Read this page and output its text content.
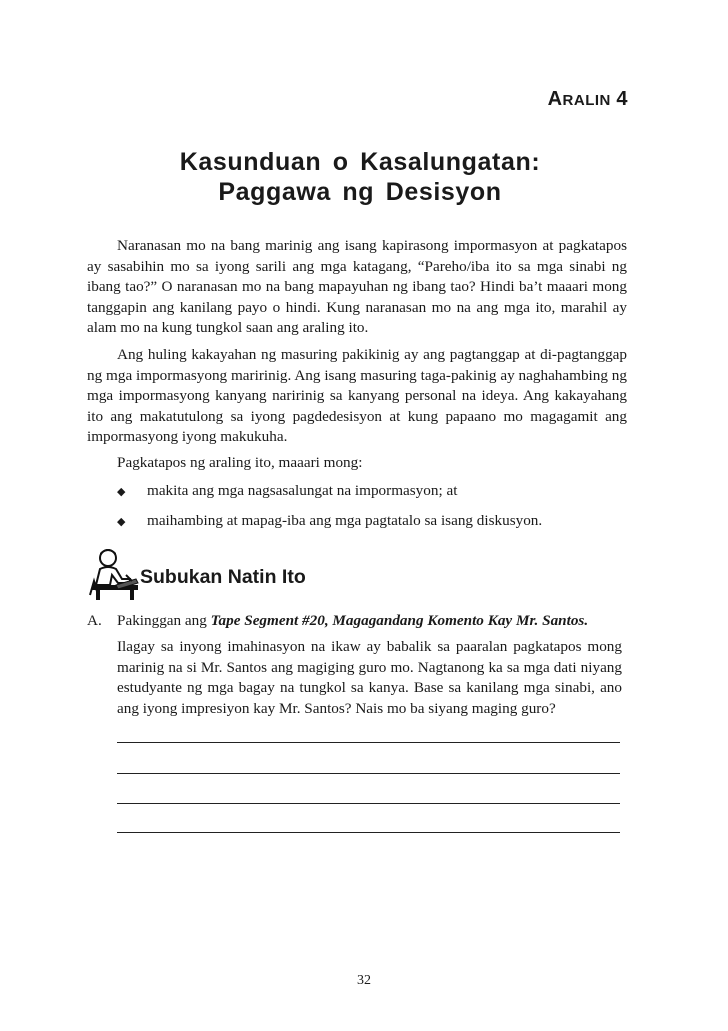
ARALIN 4
Kasunduan o Kasalungatan:
Paggawa ng Desisyon

Naranasan mo na bang marinig ang isang kapirasong impormasyon at pagkatapos ay sasabihin mo sa iyong sarili ang mga katagang, “Pareho/iba ito sa mga sinabi ng ibang tao?” O naranasan mo na bang mapayuhan ng ibang tao? Hindi ba’t maaari mong tanggapin ang kanilang payo o hindi. Kung naranasan mo na ang mga ito, marahil ay alam mo na kung tungkol saan ang araling ito.

Ang huling kakayahan ng masuring pakikinig ay ang pagtanggap at di-pagtanggap ng mga impormasyong maririnig. Ang isang masuring taga-pakinig ay naghahambing ng mga impormasyong kanyang naririnig sa kanyang personal na ideya. Ang kakayahang ito ang makatutulong sa iyong pagdedesisyon at kung papaano mo magagamit ang impormasyong iyong makukuha.

Pagkatapos ng araling ito, maaari mong:

◆	makita ang mga nagsasalungat na impormasyon; at
◆	maihambing at mapag-iba ang mga pagtatalo sa isang diskusyon.
Subukan Natin Ito
A.	Pakinggan ang Tape Segment #20, Magagandang Komento Kay Mr. Santos.
Ilagay sa inyong imahinasyon na ikaw ay babalik sa paaralan pagkatapos mong marinig na si Mr. Santos ang magiging guro mo. Nagtanong ka sa mga dati niyang estudyante ng mga bagay na tungkol sa kanya. Base sa kanilang mga sinabi, ano ang iyong impresiyon kay Mr. Santos? Nais mo ba siyang maging guro?
32
